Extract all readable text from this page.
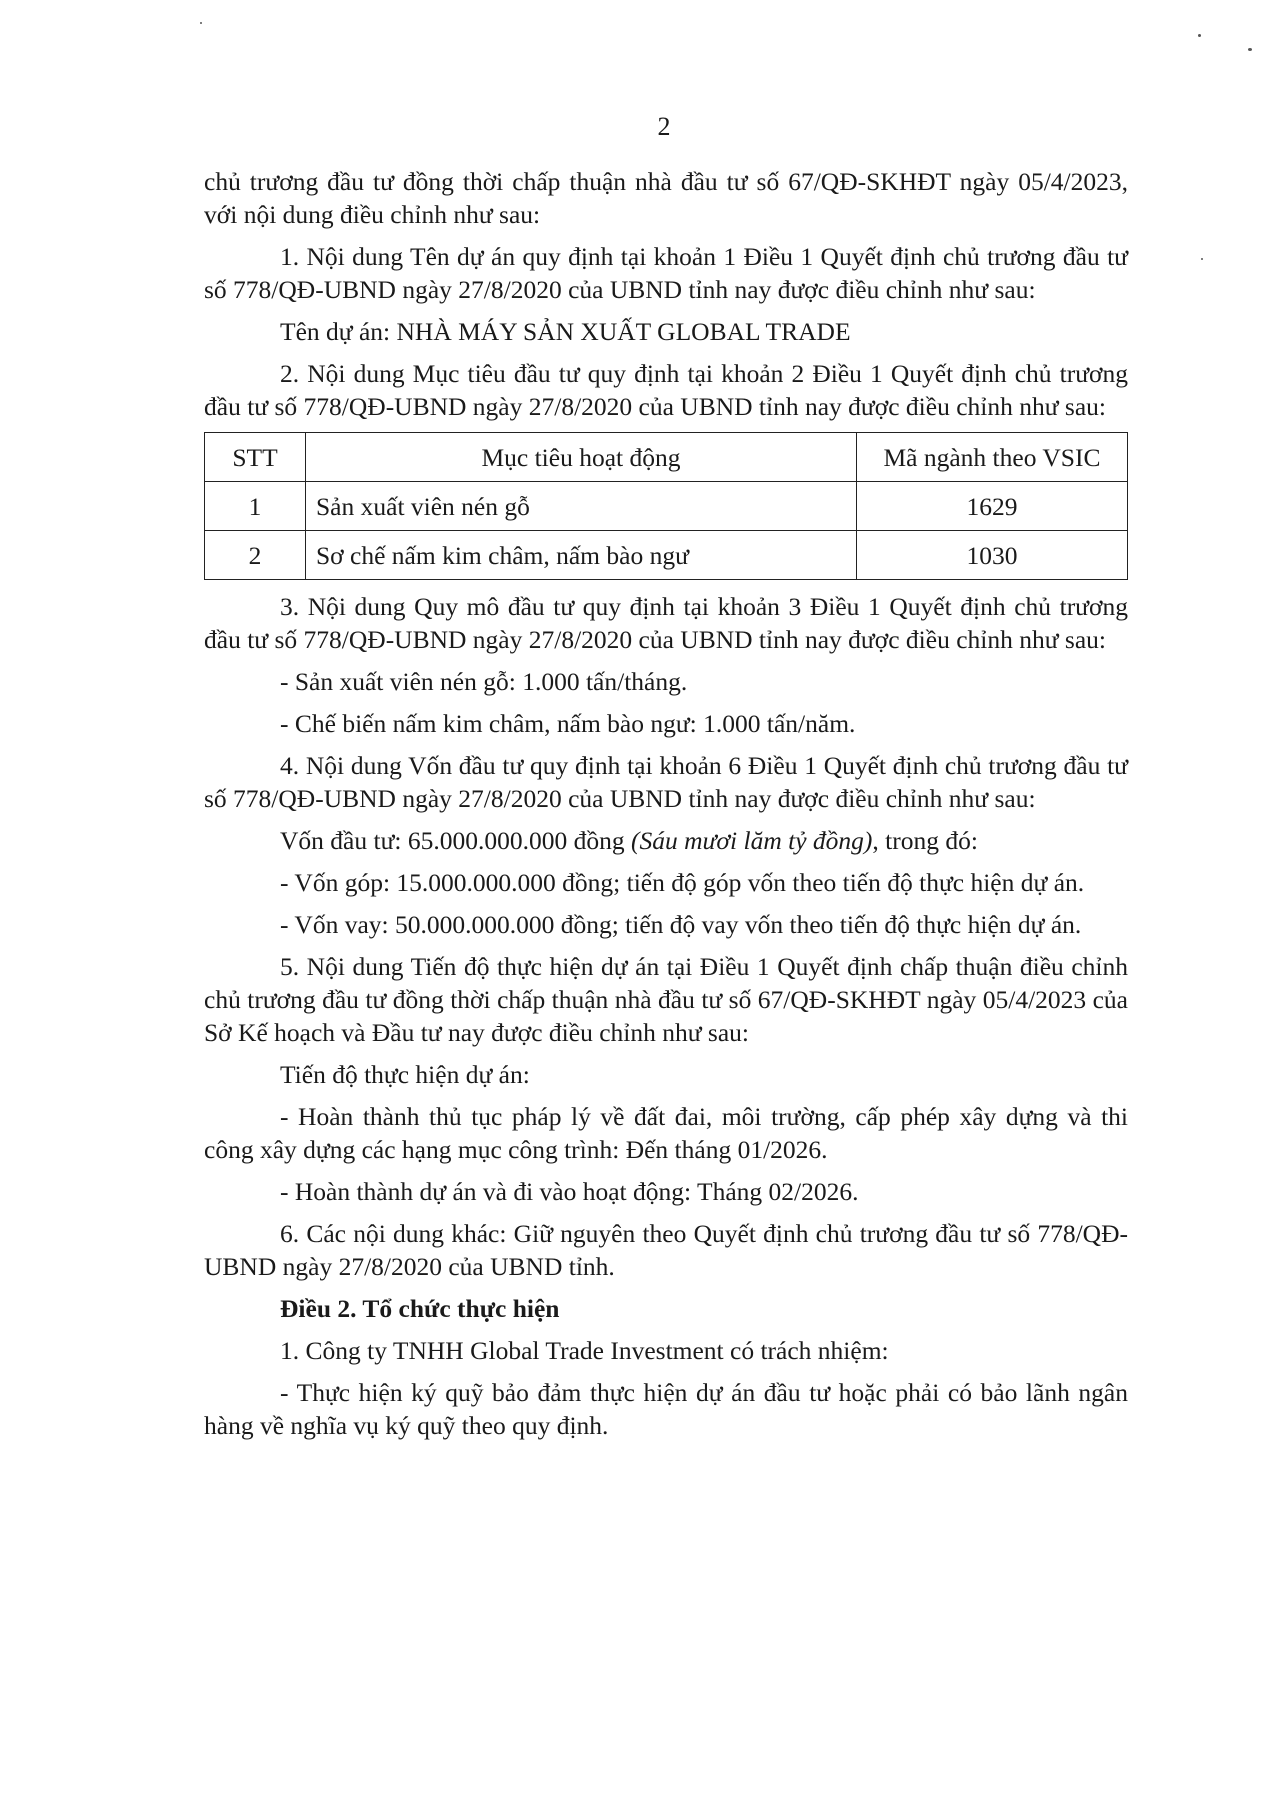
2

chủ trương đầu tư đồng thời chấp thuận nhà đầu tư số 67/QĐ-SKHĐT ngày 05/4/2023, với nội dung điều chỉnh như sau:

1. Nội dung Tên dự án quy định tại khoản 1 Điều 1 Quyết định chủ trương đầu tư số 778/QĐ-UBND ngày 27/8/2020 của UBND tỉnh nay được điều chỉnh như sau:

Tên dự án: NHÀ MÁY SẢN XUẤT GLOBAL TRADE

2. Nội dung Mục tiêu đầu tư quy định tại khoản 2 Điều 1 Quyết định chủ trương đầu tư số 778/QĐ-UBND ngày 27/8/2020 của UBND tỉnh nay được điều chỉnh như sau:

STT	Mục tiêu hoạt động	Mã ngành theo VSIC
1	Sản xuất viên nén gỗ	1629
2	Sơ chế nấm kim châm, nấm bào ngư	1030

3. Nội dung Quy mô đầu tư quy định tại khoản 3 Điều 1 Quyết định chủ trương đầu tư số 778/QĐ-UBND ngày 27/8/2020 của UBND tỉnh nay được điều chỉnh như sau:

- Sản xuất viên nén gỗ: 1.000 tấn/tháng.

- Chế biến nấm kim châm, nấm bào ngư: 1.000 tấn/năm.

4. Nội dung Vốn đầu tư quy định tại khoản 6 Điều 1 Quyết định chủ trương đầu tư số 778/QĐ-UBND ngày 27/8/2020 của UBND tỉnh nay được điều chỉnh như sau:

Vốn đầu tư: 65.000.000.000 đồng (Sáu mươi lăm tỷ đồng), trong đó:

- Vốn góp: 15.000.000.000 đồng; tiến độ góp vốn theo tiến độ thực hiện dự án.

- Vốn vay: 50.000.000.000 đồng; tiến độ vay vốn theo tiến độ thực hiện dự án.

5. Nội dung Tiến độ thực hiện dự án tại Điều 1 Quyết định chấp thuận điều chỉnh chủ trương đầu tư đồng thời chấp thuận nhà đầu tư số 67/QĐ-SKHĐT ngày 05/4/2023 của Sở Kế hoạch và Đầu tư nay được điều chỉnh như sau:

Tiến độ thực hiện dự án:

- Hoàn thành thủ tục pháp lý về đất đai, môi trường, cấp phép xây dựng và thi công xây dựng các hạng mục công trình: Đến tháng 01/2026.

- Hoàn thành dự án và đi vào hoạt động: Tháng 02/2026.

6. Các nội dung khác: Giữ nguyên theo Quyết định chủ trương đầu tư số 778/QĐ-UBND ngày 27/8/2020 của UBND tỉnh.

Điều 2. Tổ chức thực hiện

1. Công ty TNHH Global Trade Investment có trách nhiệm:

- Thực hiện ký quỹ bảo đảm thực hiện dự án đầu tư hoặc phải có bảo lãnh ngân hàng về nghĩa vụ ký quỹ theo quy định.
